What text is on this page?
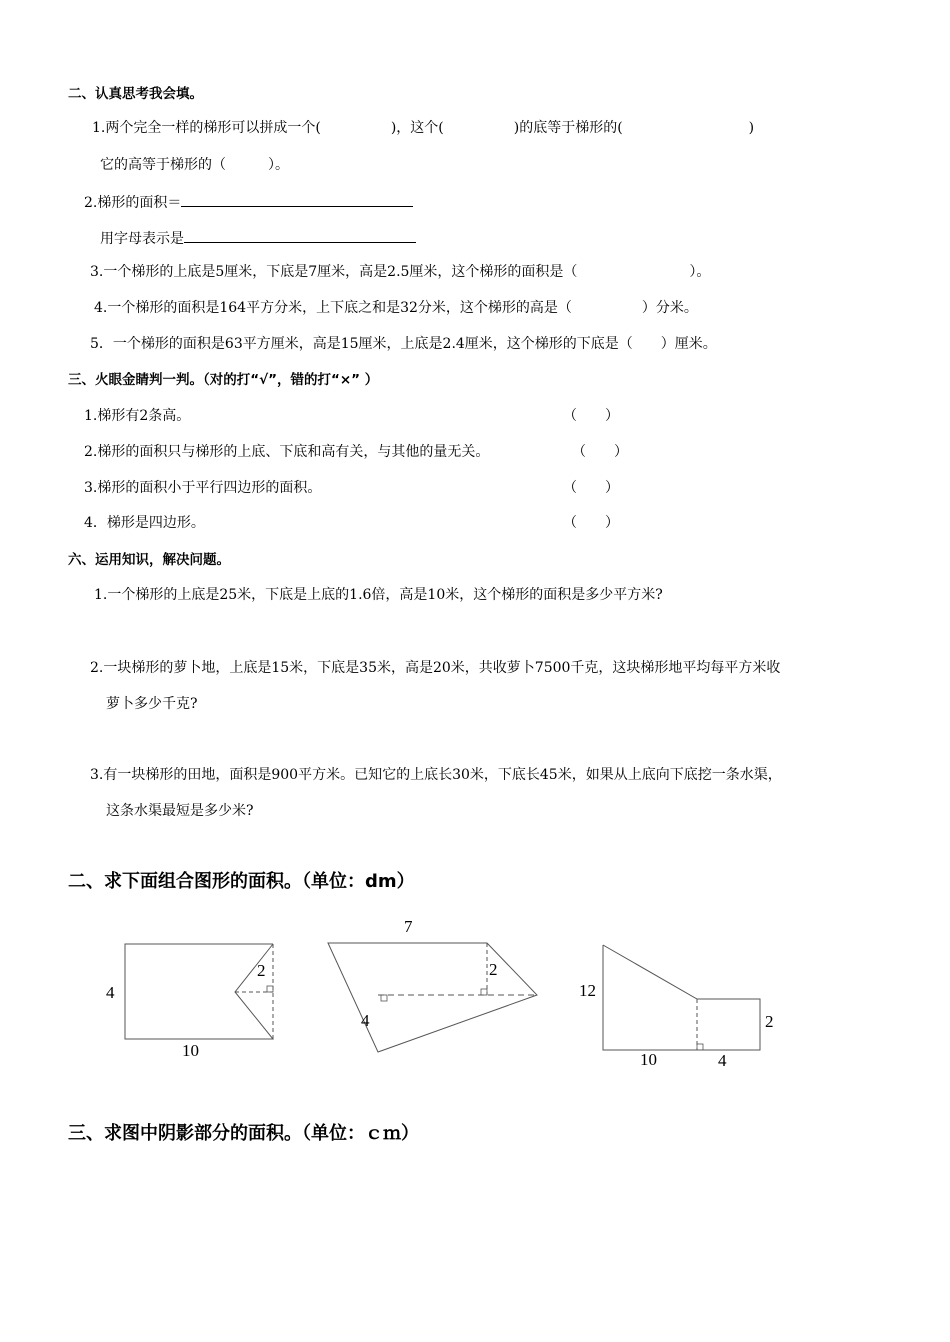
二、认真思考我会填。
1.两个完全一样的梯形可以拼成一个(　　　　　)，这个(　　　　　)的底等于梯形的(　　　　　　　　　)
它的高等于梯形的（　　　）。
2.梯形的面积＝
用字母表示是
3.一个梯形的上底是5厘米，下底是7厘米，高是2.5厘米，这个梯形的面积是（　　　　　　　　）。
4.一个梯形的面积是164平方分米，上下底之和是32分米，这个梯形的高是（　　　　　）分米。
5．一个梯形的面积是63平方厘米，高是15厘米，上底是2.4厘米，这个梯形的下底是（　　）厘米。
三、火眼金睛判一判。（对的打“√”，错的打“×” ）
1.梯形有2条高。	（　　）
2.梯形的面积只与梯形的上底、下底和高有关，与其他的量无关。	（　　）
3.梯形的面积小于平行四边形的面积。	（　　）
4．梯形是四边形。	（　　）
六、运用知识，解决问题。
1.一个梯形的上底是25米，下底是上底的1.6倍，高是10米，这个梯形的面积是多少平方米?
2.一块梯形的萝卜地，上底是15米，下底是35米，高是20米，共收萝卜7500千克，这块梯形地平均每平方米收
萝卜多少千克?
3.有一块梯形的田地，面积是900平方米。已知它的上底长30米，下底长45米，如果从上底向下底挖一条水渠，
这条水渠最短是多少米?
二、求下面组合图形的面积。（单位：dm）
4
10
2
7
2
4
12
2
10	4
三、求图中阴影部分的面积。（单位：ｃｍ）
